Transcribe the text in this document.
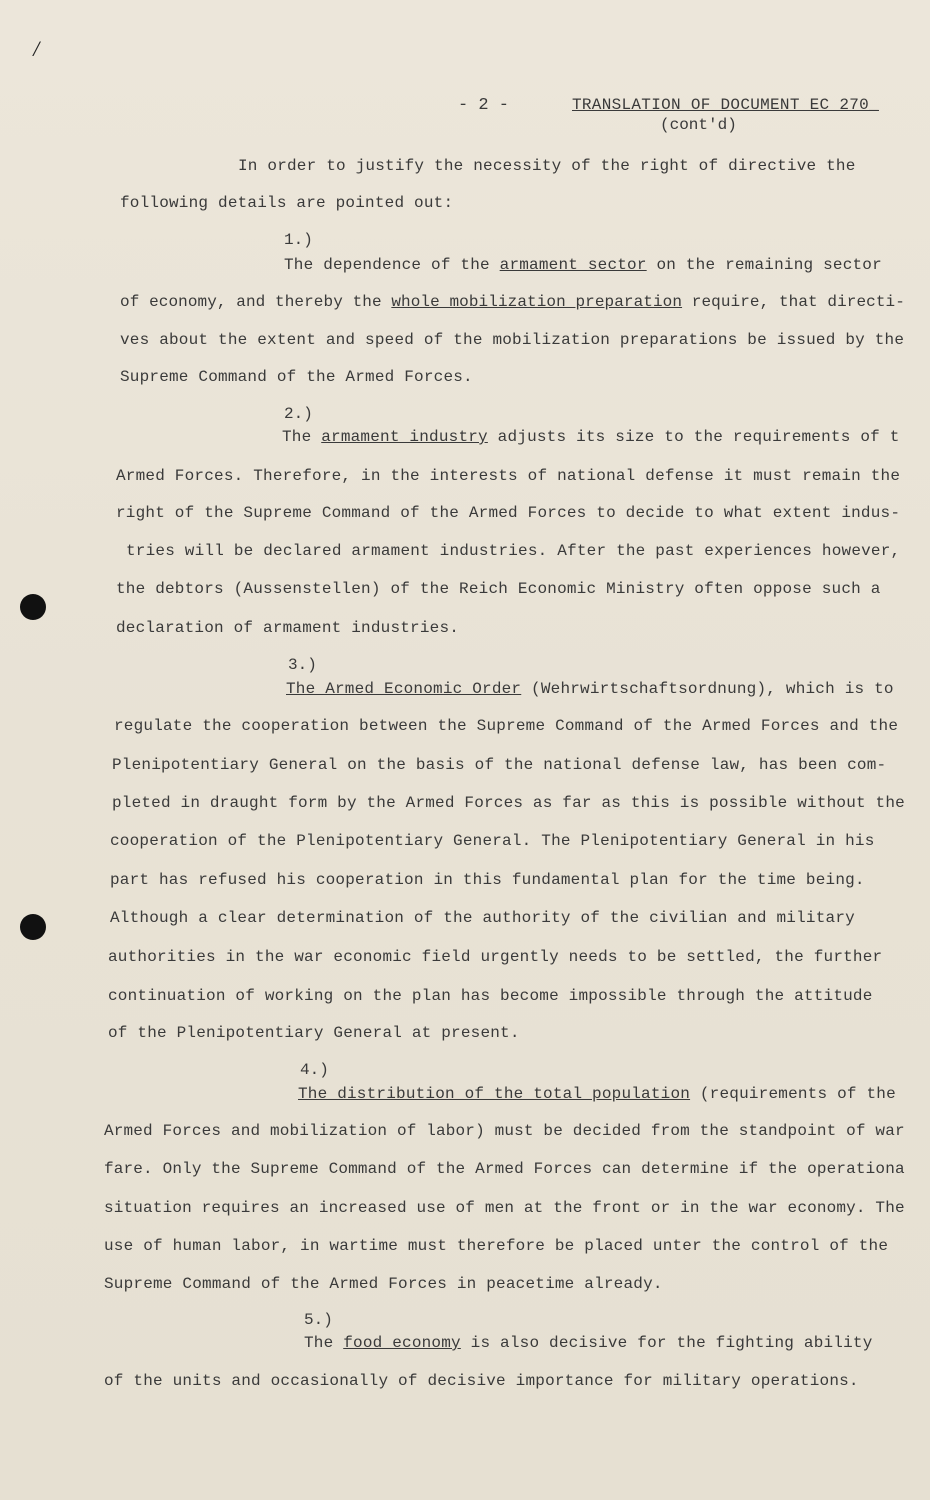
∕
- 2 -	TRANSLATION OF DOCUMENT EC 270_
(cont'd)
In order to justify the necessity of the right of directive the
following details are pointed out:
1.)
The dependence of the armament sector on the remaining sector
of economy, and thereby the whole mobilization preparation require, that directi-
ves about the extent and speed of the mobilization preparations be issued by the
Supreme Command of the Armed Forces.
2.)
The armament industry adjusts its size to the requirements of t
Armed Forces. Therefore, in the interests of national defense it must remain the
right of the Supreme Command of the Armed Forces to decide to what extent indus-
tries will be declared armament industries. After the past experiences however,
the debtors (Aussenstellen) of the Reich Economic Ministry often oppose such a
declaration of armament industries.
3.)
The Armed Economic Order (Wehrwirtschaftsordnung), which is to
regulate the cooperation between the Supreme Command of the Armed Forces and the
Plenipotentiary General on the basis of the national defense law, has been com-
pleted in draught form by the Armed Forces as far as this is possible without the
cooperation of the Plenipotentiary General. The Plenipotentiary General in his
part has refused his cooperation in this fundamental plan for the time being.
Although a clear determination of the authority of the civilian and military
authorities in the war economic field urgently needs to be settled, the further
continuation of working on the plan has become impossible through the attitude
of the Plenipotentiary General at present.
4.)
The distribution of the total population (requirements of the
Armed Forces and mobilization of labor) must be decided from the standpoint of war
fare. Only the Supreme Command of the Armed Forces can determine if the operationa
situation requires an increased use of men at the front or in the war economy. The
use of human labor, in wartime must therefore be placed unter the control of the
Supreme Command of the Armed Forces in peacetime already.
5.)
The food economy is also decisive for the fighting ability
of the units and occasionally of decisive importance for military operations.
